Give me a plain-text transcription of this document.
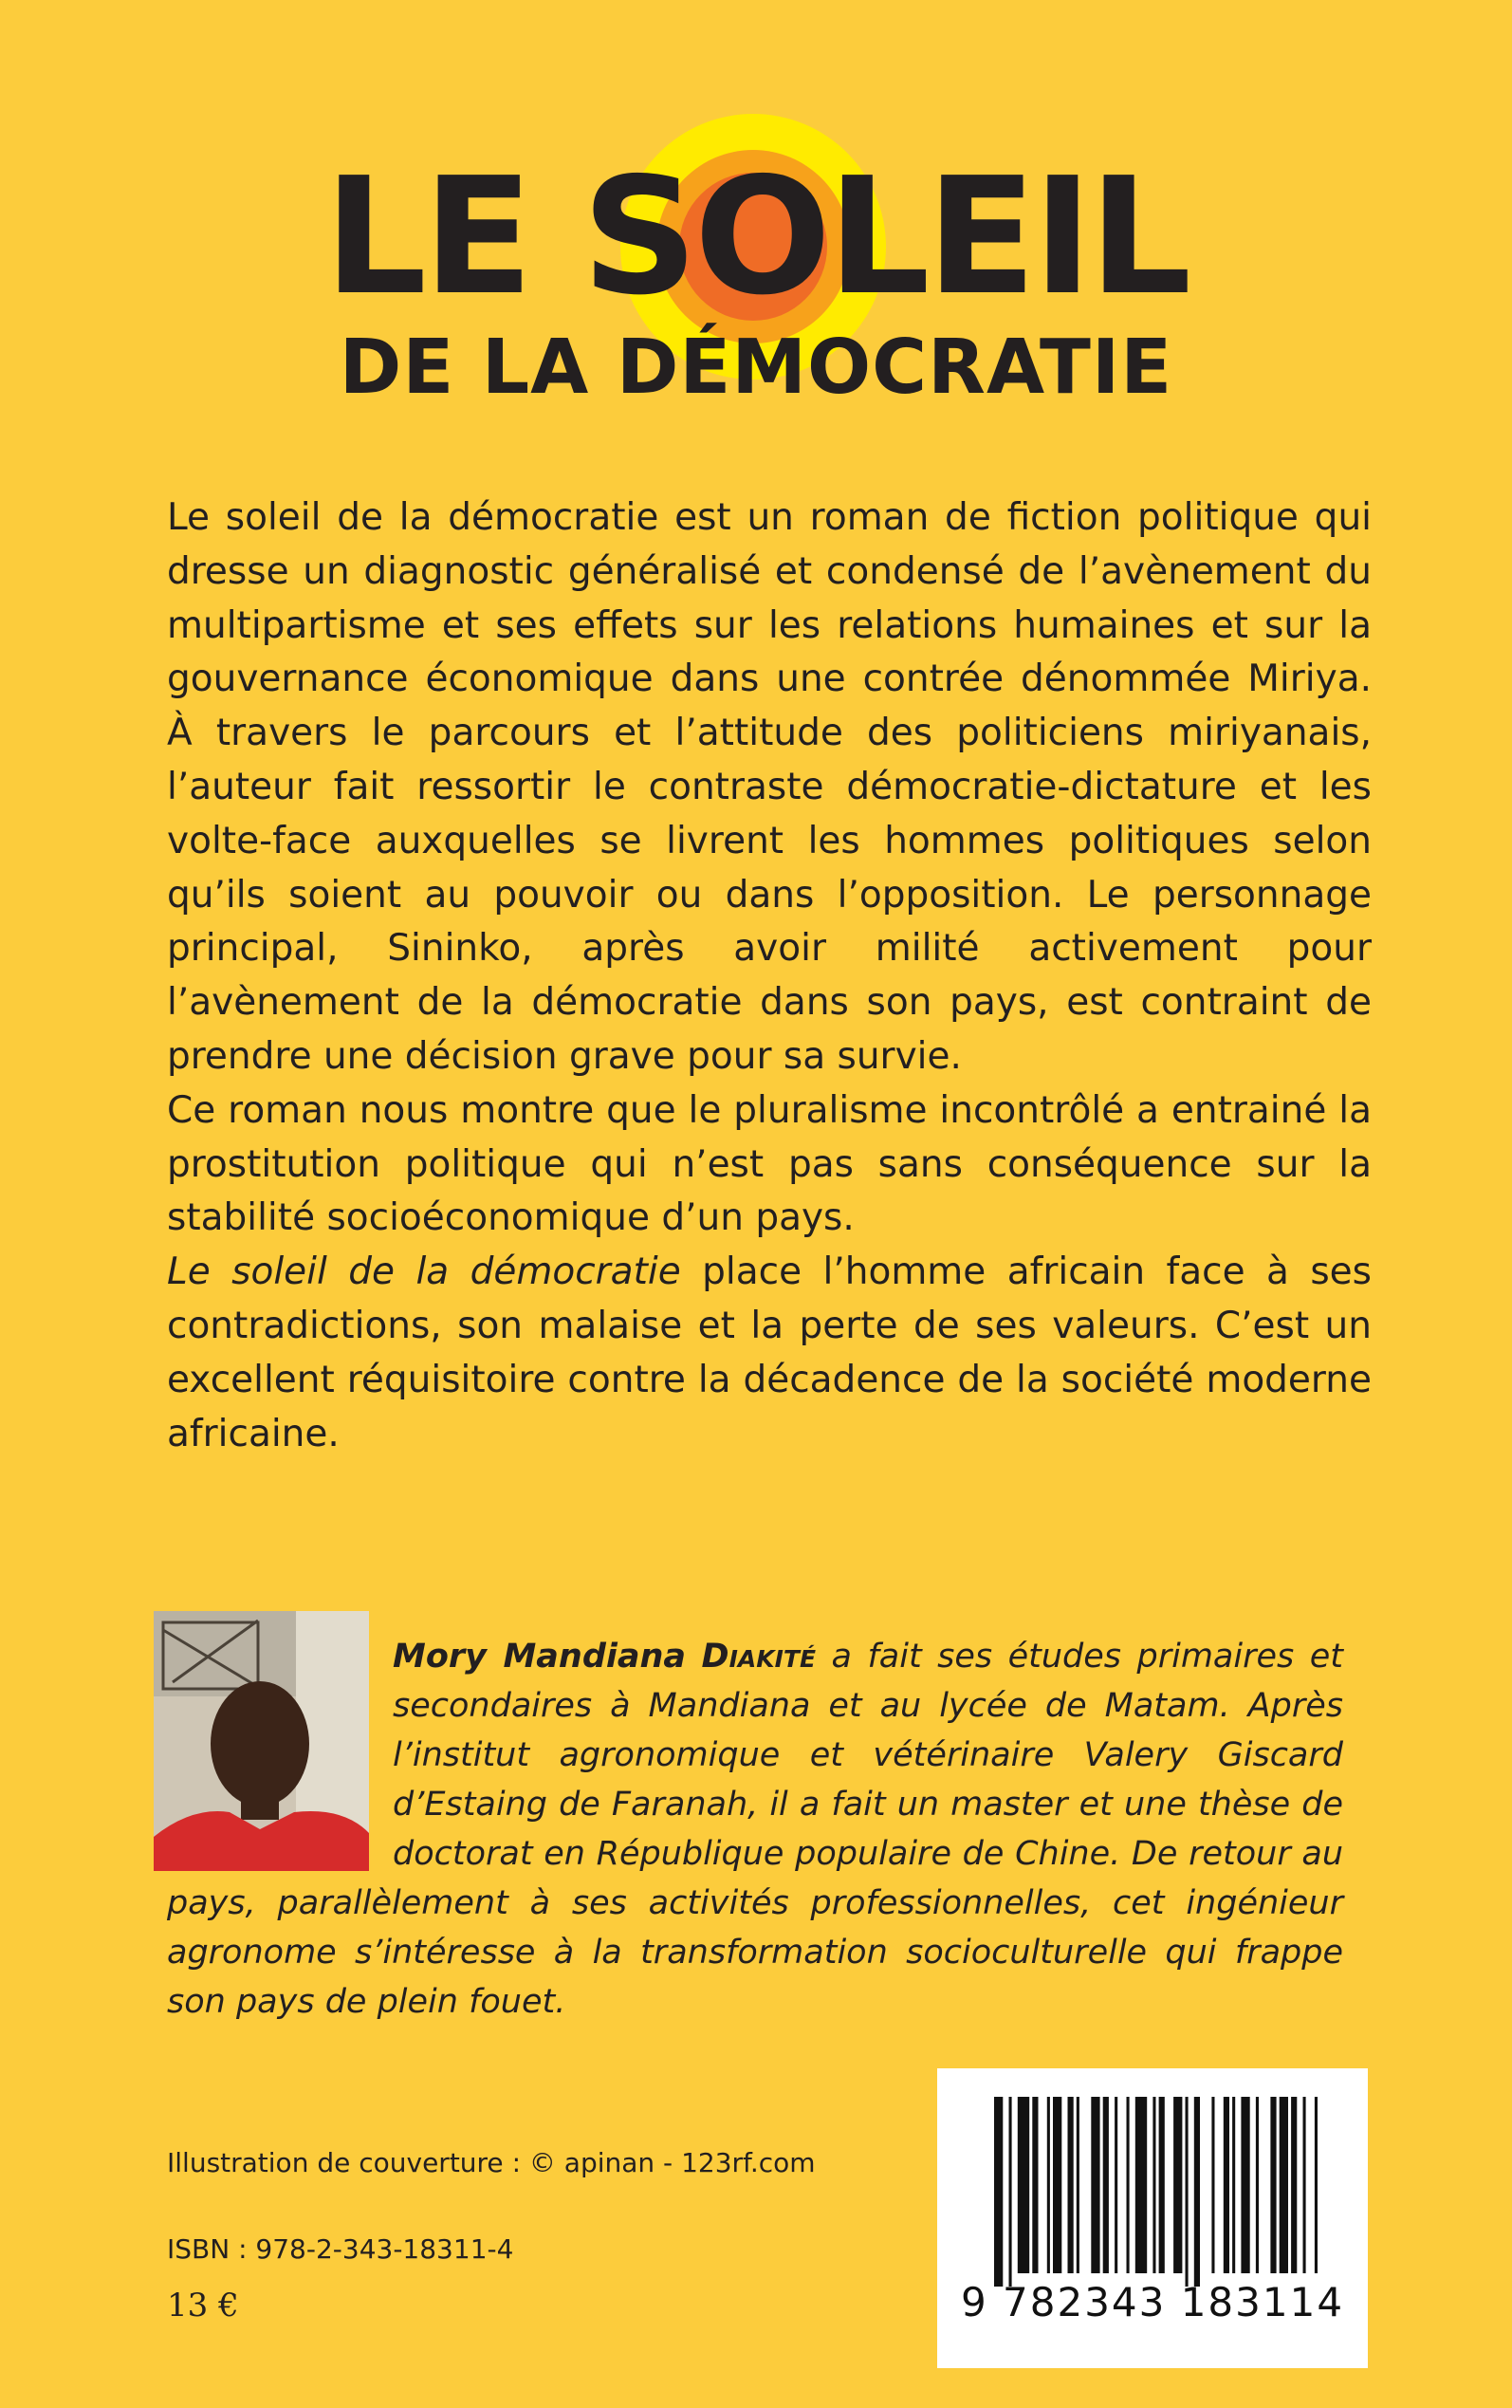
LE SOLEIL
DE LA DÉMOCRATIE

Le soleil de la démocratie est un roman de fiction politique qui dresse un diagnostic généralisé et condensé de l’avènement du multipartisme et ses effets sur les relations humaines et sur la gouvernance économique dans une contrée dénommée Miriya. À travers le parcours et l’attitude des politiciens miriyanais, l’auteur fait ressortir le contraste démocratie-dictature et les volte-face auxquelles se livrent les hommes politiques selon qu’ils soient au pouvoir ou dans l’opposition. Le personnage principal, Sininko, après avoir milité activement pour l’avènement de la démocratie dans son pays, est contraint de prendre une décision grave pour sa survie.

Ce roman nous montre que le pluralisme incontrôlé a entrainé la prostitution politique qui n’est pas sans conséquence sur la stabilité socioéconomique d’un pays.

Le soleil de la démocratie place l’homme africain face à ses contradictions, son malaise et la perte de ses valeurs. C’est un excellent réquisitoire contre la décadence de la société moderne africaine.

Mory Mandiana Diakité a fait ses études primaires et secondaires à Mandiana et au lycée de Matam. Après l’institut agronomique et vétérinaire Valery Giscard d’Estaing de Faranah, il a fait un master et une thèse de doctorat en République populaire de Chine. De retour au pays, parallèlement à ses activités professionnelles, cet ingénieur agronome s’intéresse à la transformation socioculturelle qui frappe son pays de plein fouet.

Illustration de couverture : © apinan - 123rf.com
ISBN : 978-2-343-18311-4
13 €	9 782343 183114
